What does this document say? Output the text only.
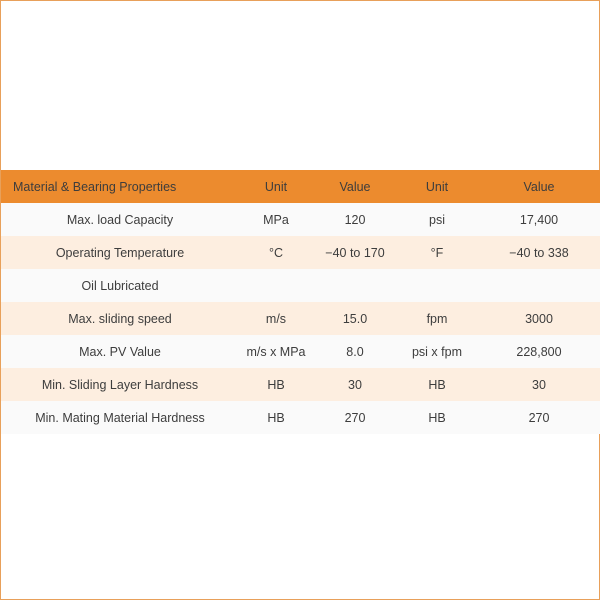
Material & Bearing Properties	Unit	Value	Unit	Value
Max. load Capacity	MPa	120	psi	17,400
Operating Temperature	°C	−40 to 170	°F	−40 to 338
Oil Lubricated				
Max. sliding speed	m/s	15.0	fpm	3000
Max. PV Value	m/s x MPa	8.0	psi x fpm	228,800
Min. Sliding Layer Hardness	HB	30	HB	30
Min. Mating Material Hardness	HB	270	HB	270
